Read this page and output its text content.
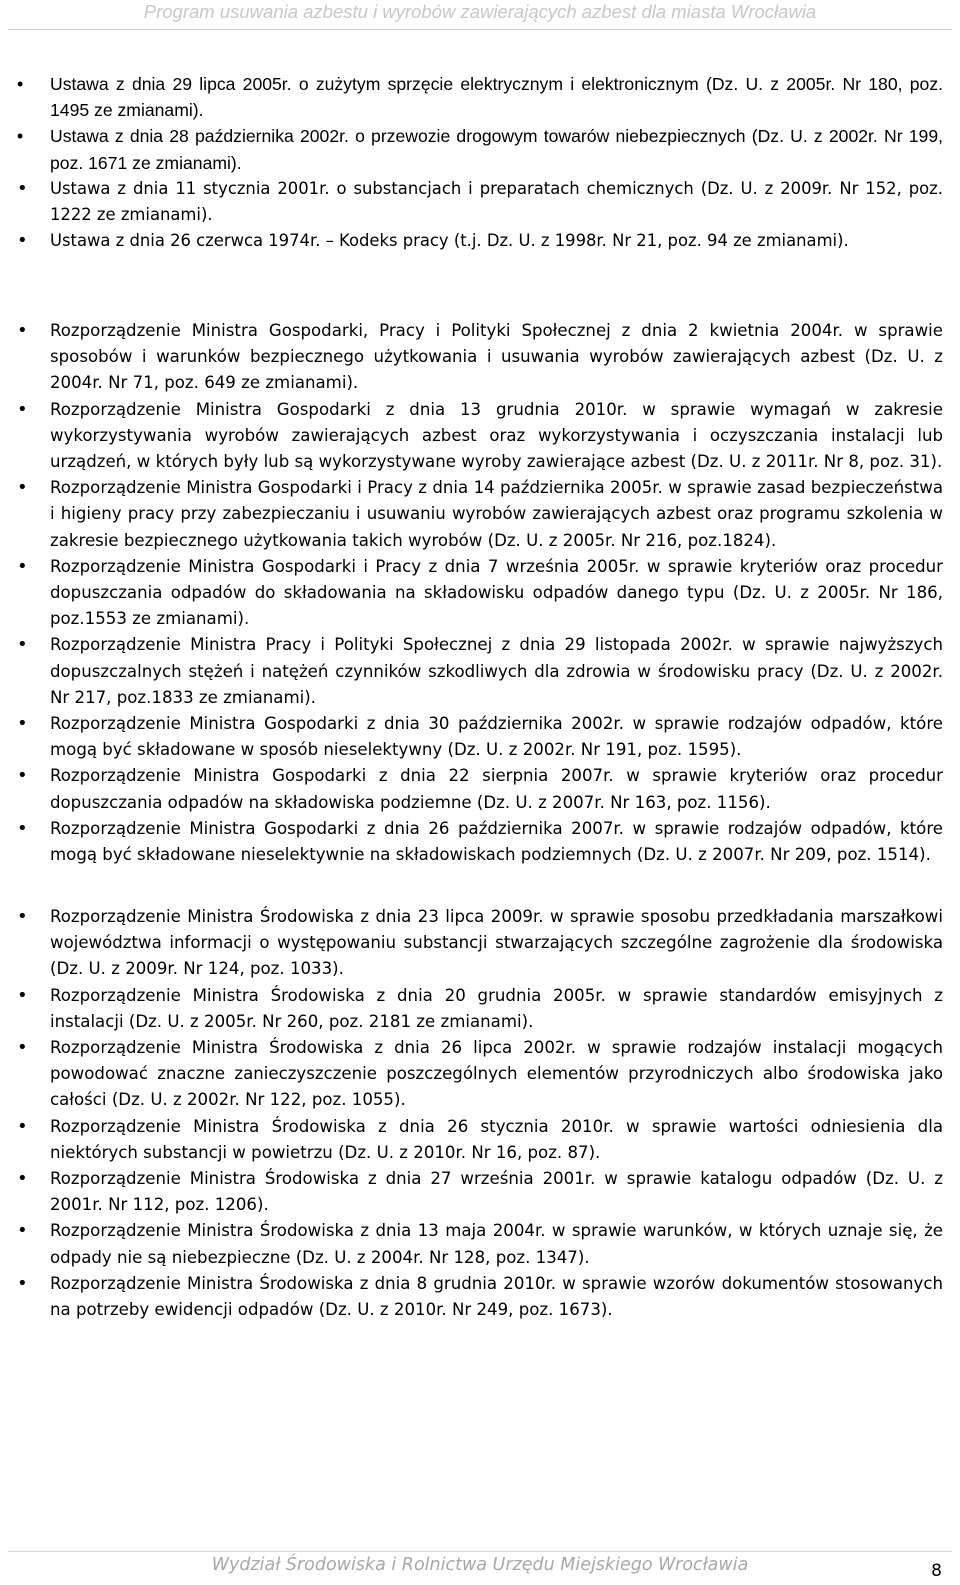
Program usuwania azbestu i wyrobów zawierających azbest dla miasta Wrocławia
• Ustawa z dnia 29 lipca 2005r. o zużytym sprzęcie elektrycznym i elektronicznym (Dz. U. z 2005r. Nr 180, poz. 1495 ze zmianami).
• Ustawa z dnia 28 października 2002r. o przewozie drogowym towarów niebezpiecznych (Dz. U. z 2002r. Nr 199, poz. 1671 ze zmianami).
• Ustawa z dnia 11 stycznia 2001r. o substancjach i preparatach chemicznych (Dz. U. z 2009r. Nr 152, poz. 1222 ze zmianami).
• Ustawa z dnia 26 czerwca 1974r. – Kodeks pracy (t.j. Dz. U. z 1998r. Nr 21, poz. 94 ze zmianami).
• Rozporządzenie Ministra Gospodarki, Pracy i Polityki Społecznej z dnia 2 kwietnia 2004r. w sprawie sposobów i warunków bezpiecznego użytkowania i usuwania wyrobów zawierających azbest (Dz. U. z 2004r. Nr 71, poz. 649 ze zmianami).
• Rozporządzenie Ministra Gospodarki z dnia 13 grudnia 2010r. w sprawie wymagań w zakresie wykorzystywania wyrobów zawierających azbest oraz wykorzystywania i oczyszczania instalacji lub urządzeń, w których były lub są wykorzystywane wyroby zawierające azbest (Dz. U. z 2011r. Nr 8, poz. 31).
• Rozporządzenie Ministra Gospodarki i Pracy z dnia 14 października 2005r. w sprawie zasad bezpieczeństwa i higieny pracy przy zabezpieczaniu i usuwaniu wyrobów zawierających azbest oraz programu szkolenia w zakresie bezpiecznego użytkowania takich wyrobów (Dz. U. z 2005r. Nr 216, poz.1824).
• Rozporządzenie Ministra Gospodarki i Pracy z dnia 7 września 2005r. w sprawie kryteriów oraz procedur dopuszczania odpadów do składowania na składowisku odpadów danego typu (Dz. U. z 2005r. Nr 186, poz.1553 ze zmianami).
• Rozporządzenie Ministra Pracy i Polityki Społecznej z dnia 29 listopada 2002r. w sprawie najwyższych dopuszczalnych stężeń i natężeń czynników szkodliwych dla zdrowia w środowisku pracy (Dz. U. z 2002r. Nr 217, poz.1833 ze zmianami).
• Rozporządzenie Ministra Gospodarki z dnia 30 października 2002r. w sprawie rodzajów odpadów, które mogą być składowane w sposób nieselektywny (Dz. U. z 2002r. Nr 191, poz. 1595).
• Rozporządzenie Ministra Gospodarki z dnia 22 sierpnia 2007r. w sprawie kryteriów oraz procedur dopuszczania odpadów na składowiska podziemne (Dz. U. z 2007r. Nr 163, poz. 1156).
• Rozporządzenie Ministra Gospodarki z dnia 26 października 2007r. w sprawie rodzajów odpadów, które mogą być składowane nieselektywnie na składowiskach podziemnych (Dz. U. z 2007r. Nr 209, poz. 1514).
• Rozporządzenie Ministra Środowiska z dnia 23 lipca 2009r. w sprawie sposobu przedkładania marszałkowi województwa informacji o występowaniu substancji stwarzających szczególne zagrożenie dla środowiska (Dz. U. z 2009r. Nr 124, poz. 1033).
• Rozporządzenie Ministra Środowiska z dnia 20 grudnia 2005r. w sprawie standardów emisyjnych z instalacji (Dz. U. z 2005r. Nr 260, poz. 2181 ze zmianami).
• Rozporządzenie Ministra Środowiska z dnia 26 lipca 2002r. w sprawie rodzajów instalacji mogących powodować znaczne zanieczyszczenie poszczególnych elementów przyrodniczych albo środowiska jako całości (Dz. U. z 2002r. Nr 122, poz. 1055).
• Rozporządzenie Ministra Środowiska z dnia 26 stycznia 2010r. w sprawie wartości odniesienia dla niektórych substancji w powietrzu (Dz. U. z 2010r. Nr 16, poz. 87).
• Rozporządzenie Ministra Środowiska z dnia 27 września 2001r. w sprawie katalogu odpadów (Dz. U. z 2001r. Nr 112, poz. 1206).
• Rozporządzenie Ministra Środowiska z dnia 13 maja 2004r. w sprawie warunków, w których uznaje się, że odpady nie są niebezpieczne (Dz. U. z 2004r. Nr 128, poz. 1347).
• Rozporządzenie Ministra Środowiska z dnia 8 grudnia 2010r. w sprawie wzorów dokumentów stosowanych na potrzeby ewidencji odpadów (Dz. U. z 2010r. Nr 249, poz. 1673).
Wydział Środowiska i Rolnictwa Urzędu Miejskiego Wrocławia	8
